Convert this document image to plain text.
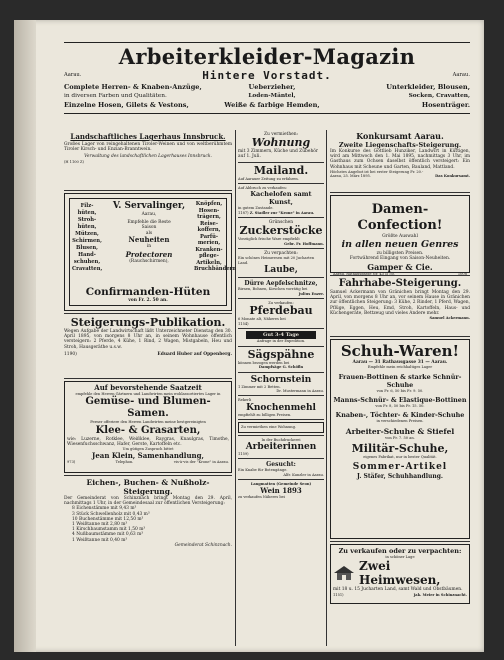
Arbeiterkleider-Magazin
Aarau.	Hintere Vorstadt.	Aarau.
Complete Herren- & Knaben-Anzüge,	Ueberzieher,	Unterkleider, Blousen,
in diversen Farben und Qualitäten.	Loden-Mäntel,	Socken, Cravatten,
Einzelne Hosen, Gilets & Vestons,	Weiße & farbige Hemden,	Hosenträger.
Landschaftliches Lagerhaus Innsbruck.
Großes Lager von reingehaltenen Tiroler-Weinen und von weltberühmtem Tiroler Kirsch- und Enzian-Branntwein.
Verwaltung des landschaftlichen Lagerhauses Innsbruck.
(H 1100 Z)
Filz-
hüten,
Stroh-
hüten,
Mützen,
Schirmen,
Blusen,
Hand-
schuhen,
Cravatten,
V. Servalinger,
Aarau,
Empfehle die Reste
Saison
als
Neuheiten
in
Protectoren
(Rauchschirmen),
Knöpfen,
Hosen-
trägern,
Reise-
koffern,
Parfü-
merien,
Kranken-
pflege-
Artikeln,
Bruchbändern
Confirmanden-Hüten
von Fr. 2. 50 an.
Steigerungs-Publikation.
Wegen Aufgabe der Landwirtschaft läßt Unterzeichneter Dienstag den 30. April 1895, von morgens 8 Uhr an, in seinem Wohnhause öffentlich versteigern: 2 Pferde, 4 Kühe, 1 Rind, 2 Wagen, Mistgabeln, Heu und Stroh, Hausgeräthe u.s.w.
1190)	Eduard Huber auf Oppenberg.
Auf bevorstehende Saatzeit
empfehle den Herren Gärtnern und Landwirten mein wohlassortiertes Lager in
Gemüse- und Blumen-Samen.
Ferner offeriere den Herren Landwirten meine bestgereinigten
Klee- & Grasarten,
wie: Luzerne, Rotklee, Weißklee, Raygras, Knaulgras, Timothe, Wiesenfuchsschwanz, Hafer, Gerste, Kartoffeln etc.
Um gütigen Zuspruch bittet
Jean Klein, Samenhandlung,
973)	Telephon.	vis-à-vis der "Krone" in Aarau.
Eichen-, Buchen- & Nußholz-Steigerung.
Der Gemeinderat von Schinznach bringt Montag den 29. April, nachmittags 1 Uhr, in der Gemeindesaal zur öffentlichen Versteigerung:
8 Eichenstämme mit 9,43 m³
3 Stück Schwellenholz mit 0,43 m³
10 Buchenstämme mit 12,50 m³
1 Weißtanne mit 2,80 m³
1 Kirschbaumstamm mit 1,50 m³
4 Nußbaumstämme mit 0,63 m³
1 Weißtanne mit 0,40 m³
Gemeinderat Schinznach.
Zu vermiethen:
Wohnung
mit 3 Zimmern, Küche und Zubehör auf 1. Juli.
Mailand.
Auf Aarauer Zeitung zu erfahren.
Auf Abbruch zu verkaufen:
Kachelofen samt Kunst,
in gutem Zustande.
1187) Z. Stadler zur "Krone" in Aarau.
Grünschen
Zuckerstöcke
Vorzüglich frische Ware empfiehlt
Gebr. Fr. Hoffmann.
Zu verpachten:
Ein schönes Heimwesen mit 20 Jucharten Land.
Laube,
Dürre Aepfelschnitze,
Birnen, Bohnen, Kirschen vorrätig bei
Julius Enzer.
Zu verkaufen:
Pferdebau
6 Monate alt, Näheres bei
1154)
Gut 3-4 Tage
Anfrage in der Expedition.
Sägspähne
können bezogen werden bei
Dampfsäge G. Schöfln
Schornstein
1 Zimmer mit 2 Betten.
Dr. Mustermann in Aarau.
Rekerli
Knochenmehl
empfiehlt zu billigen Preisen.
Zu vermiethen eine Wohnung.
In der Buchdruckerei
Arbeiterinnen
1159)
Gesucht:
Ein Knabe für Botengänge.
Alfr. Kunzler in Aarau.
Langmatten (Gemeinde Seon)
Wein 1893
zu verkaufen Näheres bei
Konkursamt Aarau.
Zweite Liegenschafts-Steigerung.
Im Konkurse des Gottlieb Hunziker, Landwirt in Küttigen, wird am Mittwoch den 1. Mai 1895, nachmittags 3 Uhr, im Gasthaus zum Ochsen daselbst öffentlich versteigert: Ein Wohnhaus mit Scheune und Garten, Bauland, Mattland.
Höchstes Angebot ist bei erster Steigerung Fr. 20.-
Aarau, 25. März 1895.	Das Konkursamt.
Damen-Confection!
Größte Auswahl
in allen neuen Genres
zu billigsten Preisen.
Fortwährend Eingang von Saison-Neuheiten.
Gamper & Cie.
Aarau, Rathausgasse Nr. 43 & 50.	1008
Fahrhabe-Steigerung.
Samuel Ackermann von Gränichen bringt Montag den 29. April, von morgens 8 Uhr an, vor seinem Hause in Gränichen zur öffentlichen Steigerung: 3 Kühe, 2 Rinder, 1 Pferd, Wagen, Pflüge, Eggen, Heu, Emd, Stroh, Kartoffeln, Haus- und Küchengeräte, Bettzeug und vieles Andere mehr.
Samuel Ackermann.
Schuh-Waren!
Aarau — 31 Rathausgasse 31 — Aarau.
Empfehle mein reichhaltiges Lager
Frauen-Bottinen & starke Schnür-Schuhe
von Fr. 6, 50 bis Fr. 9. 50.
Manns-Schnür- & Elastique-Bottinen
von Fr. 8, 50 bis Fr. 15. 50.
Knaben-, Töchter- & Kinder-Schuhe
in verschiedenen Preisen.
Arbeiter-Schuhe & Stiefel
von Fr. 7. 50 an.
Militär-Schuhe,
eigenes Fabrikat, nur in bester Qualität.
Sommer-Artikel
J. Stäfer, Schuhhandlung.
Zu verkaufen oder zu verpachten:
in schöner Lage
Zwei Heimwesen,
mit 18 u. 15 Jucharten Land, samt Wald und Obstbäumen.
1151)	Jak. Meier in Schinznacht.
